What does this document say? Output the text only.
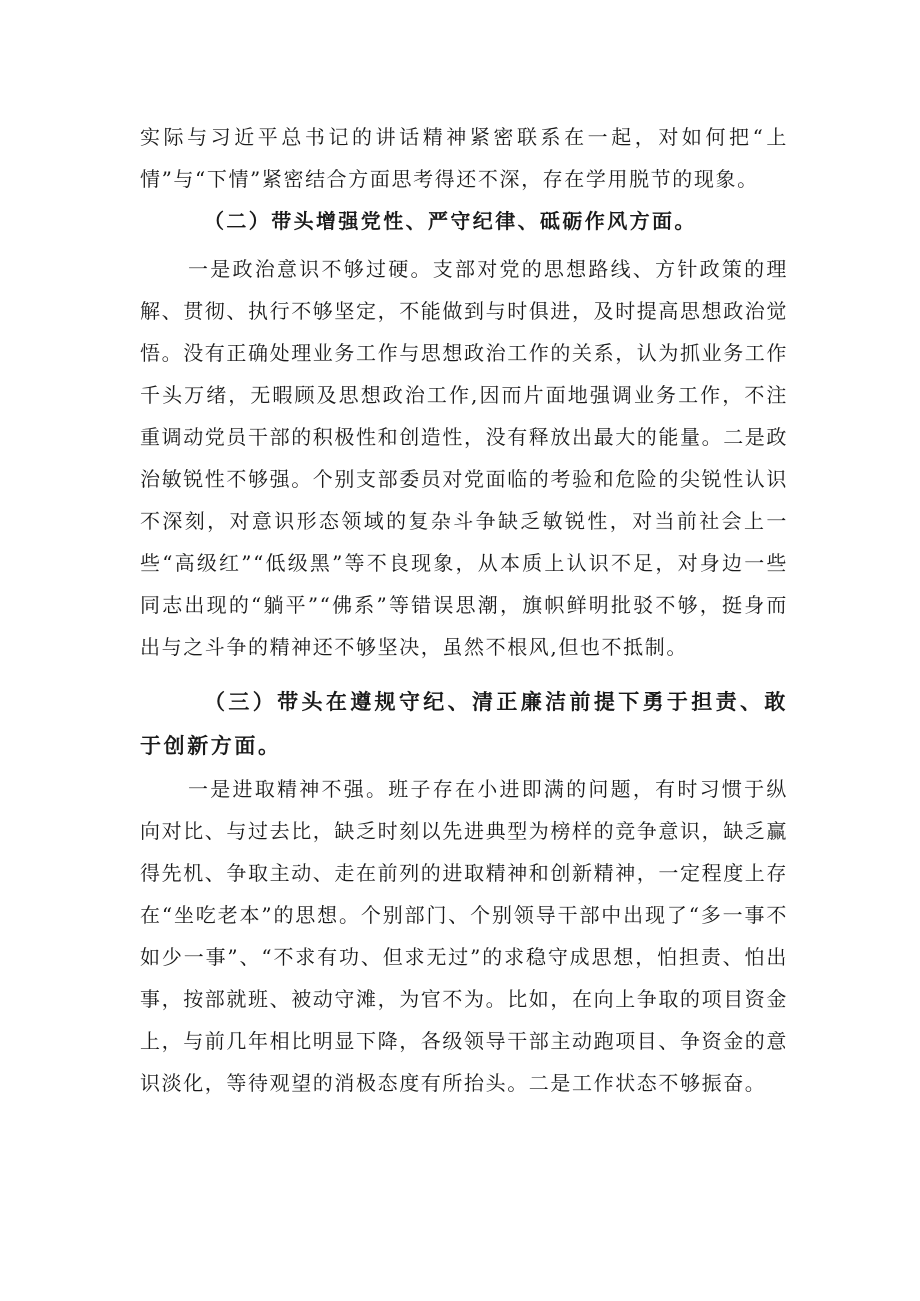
实际与习近平总书记的讲话精神紧密联系在一起，对如何把“上情”与“下情”紧密结合方面思考得还不深，存在学用脱节的现象。

（二）带头增强党性、严守纪律、砥砺作风方面。

一是政治意识不够过硬。支部对党的思想路线、方针政策的理解、贯彻、执行不够坚定，不能做到与时俱进，及时提高思想政治觉悟。没有正确处理业务工作与思想政治工作的关系，认为抓业务工作千头万绪，无暇顾及思想政治工作,因而片面地强调业务工作，不注重调动党员干部的积极性和创造性，没有释放出最大的能量。二是政治敏锐性不够强。个别支部委员对党面临的考验和危险的尖锐性认识不深刻，对意识形态领域的复杂斗争缺乏敏锐性，对当前社会上一些“高级红”“低级黑”等不良现象，从本质上认识不足，对身边一些同志出现的“躺平”“佛系”等错误思潮，旗帜鲜明批驳不够，挺身而出与之斗争的精神还不够坚决，虽然不根风,但也不抵制。

（三）带头在遵规守纪、清正廉洁前提下勇于担责、敢于创新方面。

一是进取精神不强。班子存在小进即满的问题，有时习惯于纵向对比、与过去比，缺乏时刻以先进典型为榜样的竞争意识，缺乏赢得先机、争取主动、走在前列的进取精神和创新精神，一定程度上存在“坐吃老本”的思想。个别部门、个别领导干部中出现了“多一事不如少一事”、“不求有功、但求无过”的求稳守成思想，怕担责、怕出事，按部就班、被动守滩，为官不为。比如，在向上争取的项目资金上，与前几年相比明显下降，各级领导干部主动跑项目、争资金的意识淡化，等待观望的消极态度有所抬头。二是工作状态不够振奋。
